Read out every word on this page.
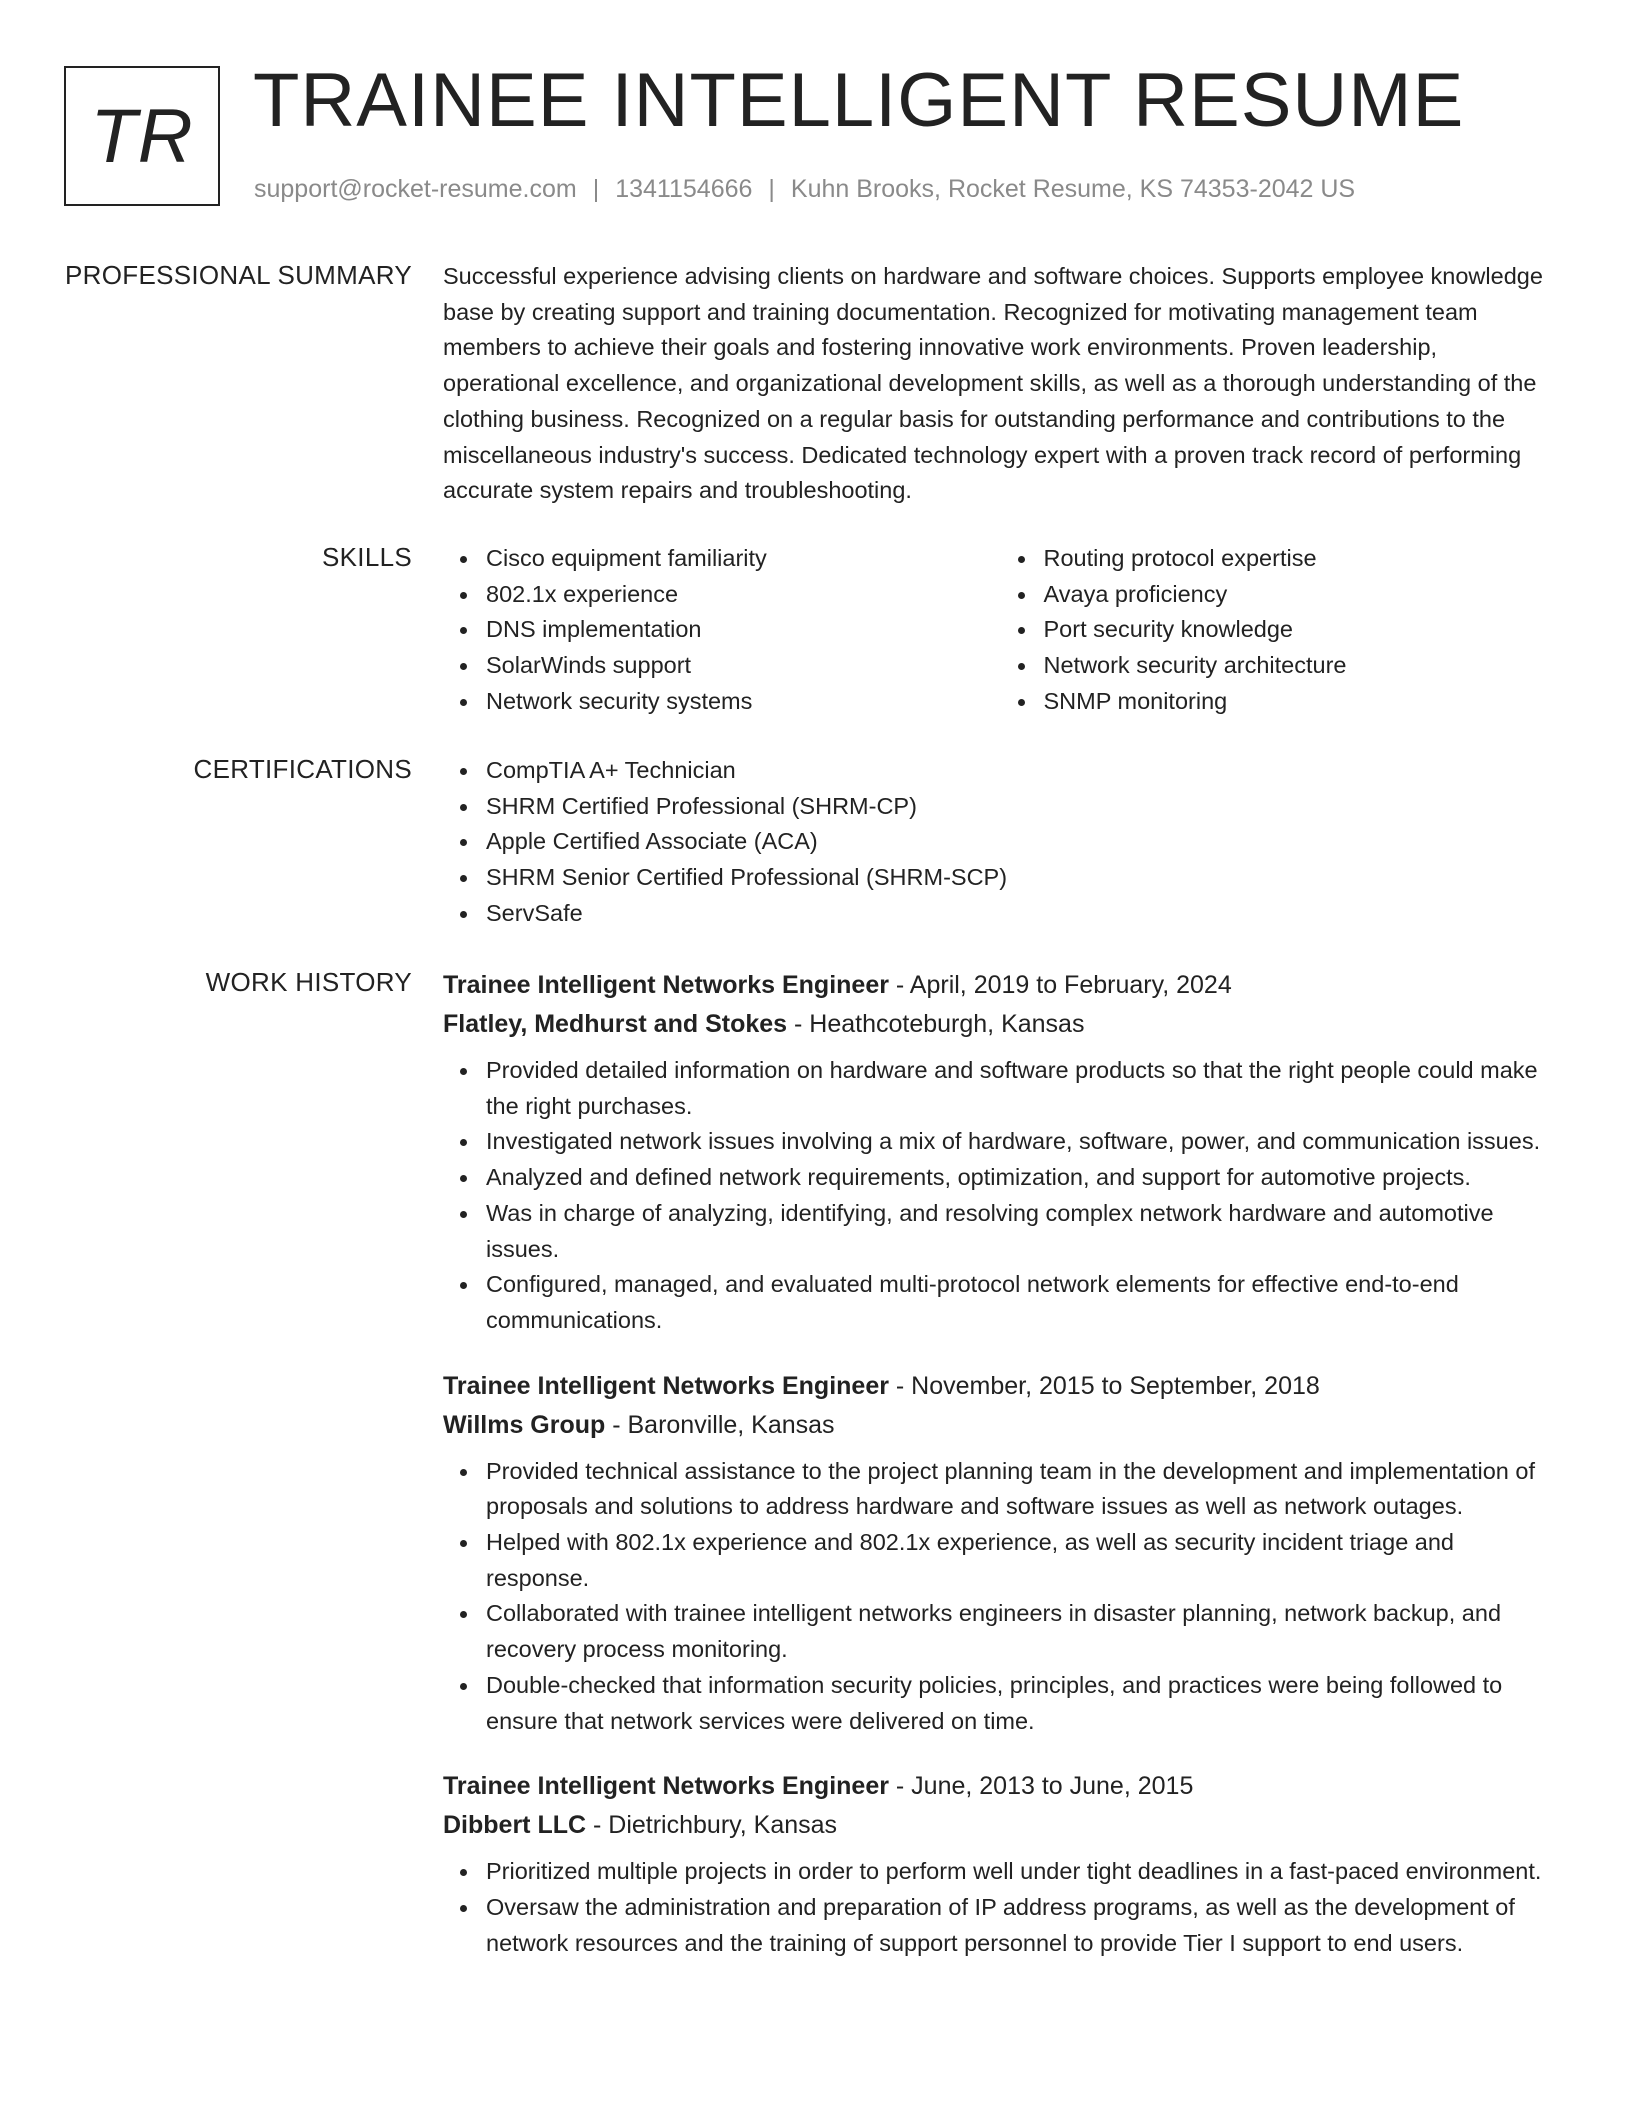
TR TRAINEE INTELLIGENT RESUME
support@rocket-resume.com | 1341154666 | Kuhn Brooks, Rocket Resume, KS 74353-2042 US
PROFESSIONAL SUMMARY Successful experience advising clients on hardware and software choices. Supports employee knowledge base by creating support and training documentation. Recognized for motivating management team members to achieve their goals and fostering innovative work environments. Proven leadership, operational excellence, and organizational development skills, as well as a thorough understanding of the clothing business. Recognized on a regular basis for outstanding performance and contributions to the miscellaneous industry's success. Dedicated technology expert with a proven track record of performing accurate system repairs and troubleshooting.

SKILLS	Cisco equipment familiarity
802.1x experience
DNS implementation
SolarWinds support
Network security systems
Routing protocol expertise
Avaya proficiency
Port security knowledge
Network security architecture
SNMP monitoring
CERTIFICATIONS	CompTIA A+ Technician
SHRM Certified Professional (SHRM-CP)
Apple Certified Associate (ACA)
SHRM Senior Certified Professional (SHRM-SCP)
ServSafe
WORK HISTORY Trainee Intelligent Networks Engineer - April, 2019 to February, 2024
Flatley, Medhurst and Stokes - Heathcoteburgh, Kansas
Provided detailed information on hardware and software products so that the right people could make the right purchases.
Investigated network issues involving a mix of hardware, software, power, and communication issues.
Analyzed and defined network requirements, optimization, and support for automotive projects.
Was in charge of analyzing, identifying, and resolving complex network hardware and automotive issues.
Configured, managed, and evaluated multi-protocol network elements for effective end-to-end communications.
Trainee Intelligent Networks Engineer - November, 2015 to September, 2018
Willms Group - Baronville, Kansas
Provided technical assistance to the project planning team in the development and implementation of proposals and solutions to address hardware and software issues as well as network outages.
Helped with 802.1x experience and 802.1x experience, as well as security incident triage and response.
Collaborated with trainee intelligent networks engineers in disaster planning, network backup, and recovery process monitoring.
Double-checked that information security policies, principles, and practices were being followed to ensure that network services were delivered on time.
Trainee Intelligent Networks Engineer - June, 2013 to June, 2015
Dibbert LLC - Dietrichbury, Kansas
Prioritized multiple projects in order to perform well under tight deadlines in a fast-paced environment.
Oversaw the administration and preparation of IP address programs, as well as the development of network resources and the training of support personnel to provide Tier I support to end users.
